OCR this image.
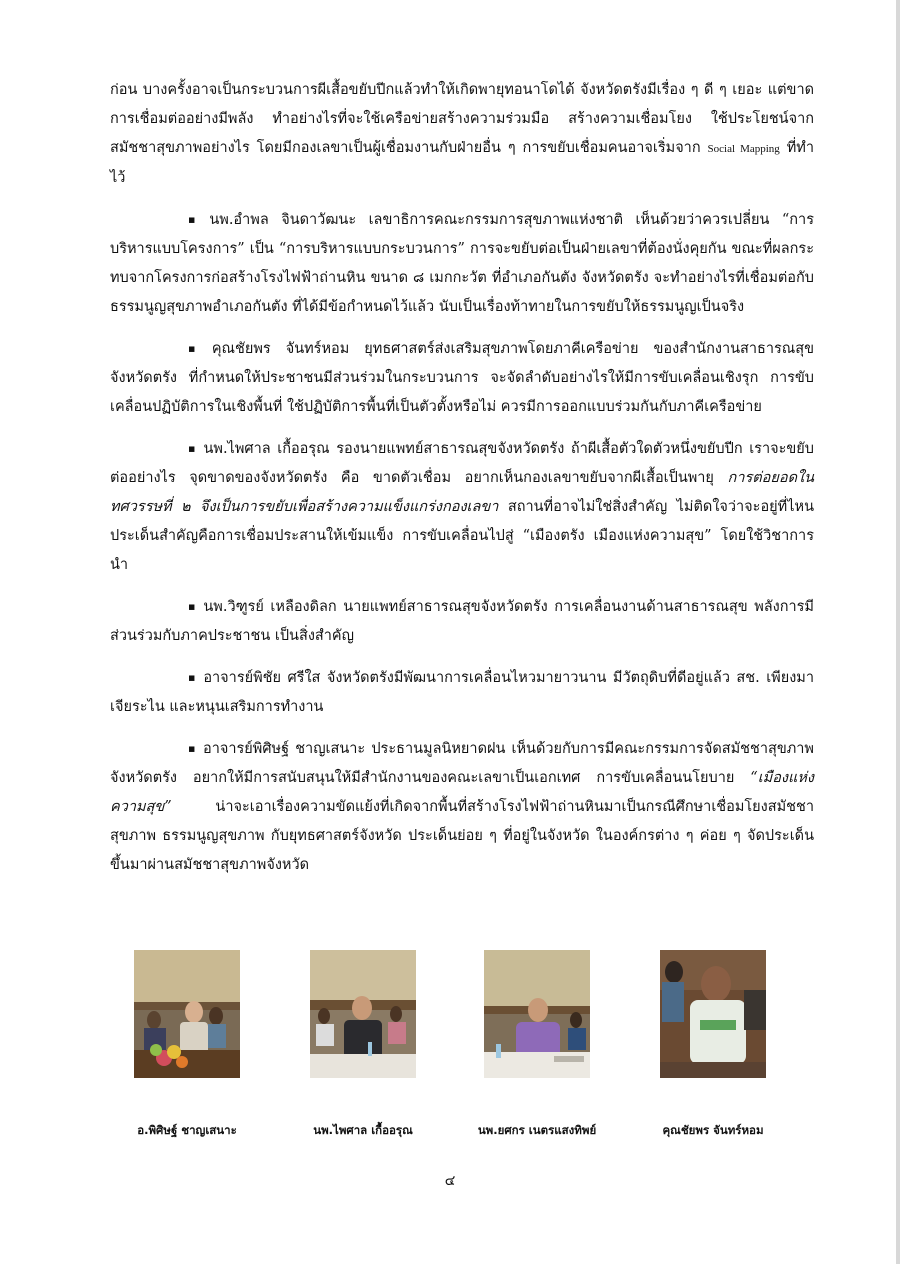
ก่อน บางครั้งอาจเป็นกระบวนการผีเสื้อขยับปีกแล้วทำให้เกิดพายุทอนาโดได้ จังหวัดตรังมีเรื่อง ๆ ดี ๆ เยอะ แต่ขาดการเชื่อมต่ออย่างมีพลัง ทำอย่างไรที่จะใช้เครือข่ายสร้างความร่วมมือ สร้างความเชื่อมโยง ใช้ประโยชน์จากสมัชชาสุขภาพอย่างไร โดยมีกองเลขาเป็นผู้เชื่อมงานกับฝ่ายอื่น ๆ การขยับเชื่อมคนอาจเริ่มจาก Social Mapping ที่ทำไว้

▪ นพ.อำพล จินดาวัฒนะ เลขาธิการคณะกรรมการสุขภาพแห่งชาติ เห็นด้วยว่าควรเปลี่ยน “การบริหารแบบโครงการ” เป็น “การบริหารแบบกระบวนการ” การจะขยับต่อเป็นฝ่ายเลขาที่ต้องนั่งคุยกัน ขณะที่ผลกระทบจากโครงการก่อสร้างโรงไฟฟ้าถ่านหิน ขนาด ๘ เมกกะวัต ที่อำเภอกันตัง จังหวัดตรัง จะทำอย่างไรที่เชื่อมต่อกับธรรมนูญสุขภาพอำเภอกันตัง ที่ได้มีข้อกำหนดไว้แล้ว นับเป็นเรื่องท้าทายในการขยับให้ธรรมนูญเป็นจริง

▪ คุณชัยพร จันทร์หอม ยุทธศาสตร์ส่งเสริมสุขภาพโดยภาคีเครือข่าย ของสำนักงานสาธารณสุขจังหวัดตรัง ที่กำหนดให้ประชาชนมีส่วนร่วมในกระบวนการ จะจัดลำดับอย่างไรให้มีการขับเคลื่อนเชิงรุก การขับเคลื่อนปฏิบัติการในเชิงพื้นที่ ใช้ปฏิบัติการพื้นที่เป็นตัวตั้งหรือไม่ ควรมีการออกแบบร่วมกันกับภาคีเครือข่าย

▪ นพ.ไพศาล เกื้ออรุณ รองนายแพทย์สาธารณสุขจังหวัดตรัง ถ้าผีเสื้อตัวใดตัวหนึ่งขยับปีก เราจะขยับต่ออย่างไร จุดขาดของจังหวัดตรัง คือ ขาดตัวเชื่อม อยากเห็นกองเลขาขยับจากผีเสื้อเป็นพายุ การต่อยอดในทศวรรษที่ ๒ จึงเป็นการขยับเพื่อสร้างความแข็งแกร่งกองเลขา สถานที่อาจไม่ใช่สิ่งสำคัญ ไม่ติดใจว่าจะอยู่ที่ไหน ประเด็นสำคัญคือการเชื่อมประสานให้เข้มแข็ง การขับเคลื่อนไปสู่ “เมืองตรัง เมืองแห่งความสุข” โดยใช้วิชาการนำ

▪ นพ.วิฑูรย์ เหลืองดิลก นายแพทย์สาธารณสุขจังหวัดตรัง การเคลื่อนงานด้านสาธารณสุข พลังการมีส่วนร่วมกับภาคประชาชน เป็นสิ่งสำคัญ

▪ อาจารย์พิชัย ศรีใส จังหวัดตรังมีพัฒนาการเคลื่อนไหวมายาวนาน มีวัตถุดิบที่ดีอยู่แล้ว สช. เพียงมาเจียระไน และหนุนเสริมการทำงาน

▪ อาจารย์พิศิษฐ์ ชาญเสนาะ ประธานมูลนิหยาดฝน เห็นด้วยกับการมีคณะกรรมการจัดสมัชชาสุขภาพจังหวัดตรัง อยากให้มีการสนับสนุนให้มีสำนักงานของคณะเลขาเป็นเอกเทศ การขับเคลื่อนนโยบาย “เมืองแห่งความสุข” น่าจะเอาเรื่องความขัดแย้งที่เกิดจากพื้นที่สร้างโรงไฟฟ้าถ่านหินมาเป็นกรณีศึกษาเชื่อมโยงสมัชชาสุขภาพ ธรรมนูญสุขภาพ กับยุทธศาสตร์จังหวัด ประเด็นย่อย ๆ ที่อยู่ในจังหวัด ในองค์กรต่าง ๆ ค่อย ๆ จัดประเด็นขึ้นมาผ่านสมัชชาสุขภาพจังหวัด

อ.พิศิษฐ์ ชาญเสนาะ	นพ.ไพศาล เกื้ออรุณ	นพ.ยศกร เนตรแสงทิพย์	คุณชัยพร จันทร์หอม
๔
